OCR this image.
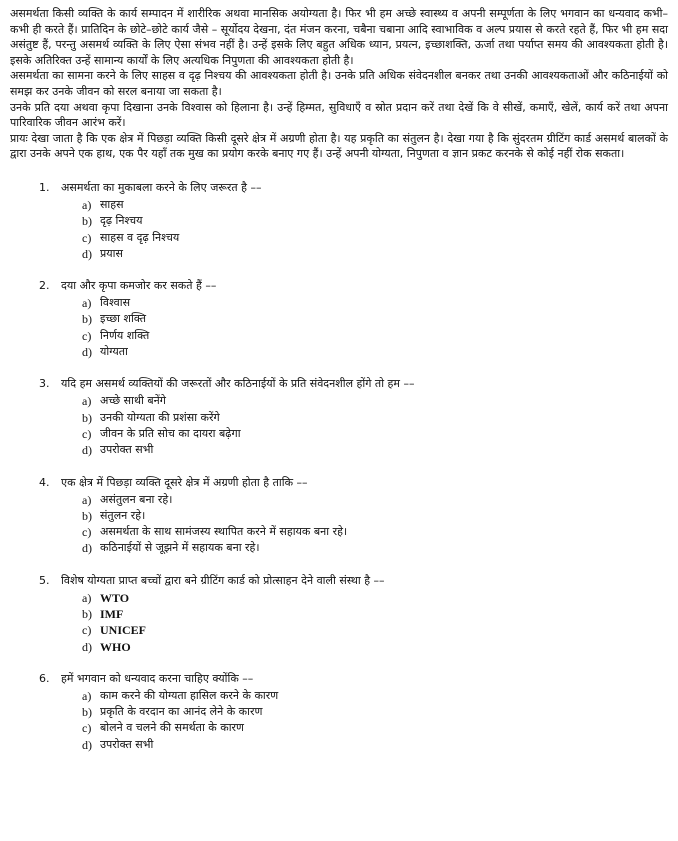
असमर्थता किसी व्यक्ति के कार्य सम्पादन में शारीरिक अथवा मानसिक अयोग्यता है। फिर भी हम अच्छे स्वास्थ्य व अपनी सम्पूर्णता के लिए भगवान का धन्यवाद कभी–कभी ही करते हैं। प्रातिदिन के छोटे–छोटे कार्य जैसे – सूर्योदय देखना, दंत मंजन करना, चबैना चबाना आदि स्वाभाविक व अल्प प्रयास से करते रहते हैं, फिर भी हम सदा असंतुष्ट हैं, परन्तु असमर्थ व्यक्ति के लिए ऐसा संभव नहीं है। उन्हें इसके लिए बहुत अधिक ध्यान, प्रयत्न, इच्छाशक्ति, ऊर्जा तथा पर्याप्त समय की आवश्यकता होती है। इसके अतिरिक्त उन्हें सामान्य कार्यों के लिए अत्यधिक निपुणता की आवश्यकता होती है।

असमर्थता का सामना करने के लिए साहस व दृढ़ निश्चय की आवश्यकता होती है। उनके प्रति अधिक संवेदनशील बनकर तथा उनकी आवश्यकताओं और कठिनाईयों को समझ कर उनके जीवन को सरल बनाया जा सकता है।

उनके प्रति दया अथवा कृपा दिखाना उनके विश्वास को हिलाना है। उन्हें हिम्मत, सुविधाएँ व स्रोत प्रदान करें तथा देखें कि वे सीखें, कमाएँ, खेलें, कार्य करें तथा अपना पारिवारिक जीवन आरंभ करें।

प्रायः देखा जाता है कि एक क्षेत्र में पिछड़ा व्यक्ति किसी दूसरे क्षेत्र में अग्रणी होता है। यह प्रकृति का संतुलन है। देखा गया है कि सुंदरतम ग्रीटिंग कार्ड असमर्थ बालकों के द्वारा उनके अपने एक हाथ, एक पैर यहाँ तक मुख का प्रयोग करके बनाए गए हैं। उन्हें अपनी योग्यता, निपुणता व ज्ञान प्रकट करनके से कोई नहीं रोक सकता।

1.	असमर्थता का मुकाबला करने के लिए जरूरत है ––
a) साहस
b) दृढ़ निश्चय
c) साहस व दृढ़ निश्चय
d) प्रयास
2.	दया और कृपा कमजोर कर सकते हैं ––
a) विश्वास
b) इच्छा शक्ति
c) निर्णय शक्ति
d) योग्यता
3.	यदि हम असमर्थ व्यक्तियों की जरूरतों और कठिनाईयों के प्रति संवेदनशील होंगे तो हम ––
a) अच्छे साथी बनेंगे
b) उनकी योग्यता की प्रशंसा करेंगे
c) जीवन के प्रति सोच का दायरा बढ़ेगा
d) उपरोक्त सभी
4.	एक क्षेत्र में पिछड़ा व्यक्ति दूसरे क्षेत्र में अग्रणी होता है ताकि ––
a) असंतुलन बना रहे।
b) संतुलन रहे।
c) असमर्थता के साथ सामंजस्य स्थापित करने में सहायक बना रहे।
d) कठिनाईयों से जूझने में सहायक बना रहे।
5.	विशेष योग्यता प्राप्त बच्चों द्वारा बने ग्रीटिंग कार्ड को प्रोत्साहन देने वाली संस्था है ––
a) WTO
b) IMF
c) UNICEF
d) WHO
6.	हमें भगवान को धन्यवाद करना चाहिए क्योंकि ––
a) काम करने की योग्यता हासिल करने के कारण
b) प्रकृति के वरदान का आनंद लेने के कारण
c) बोलने व चलने की समर्थता के कारण
d) उपरोक्त सभी
